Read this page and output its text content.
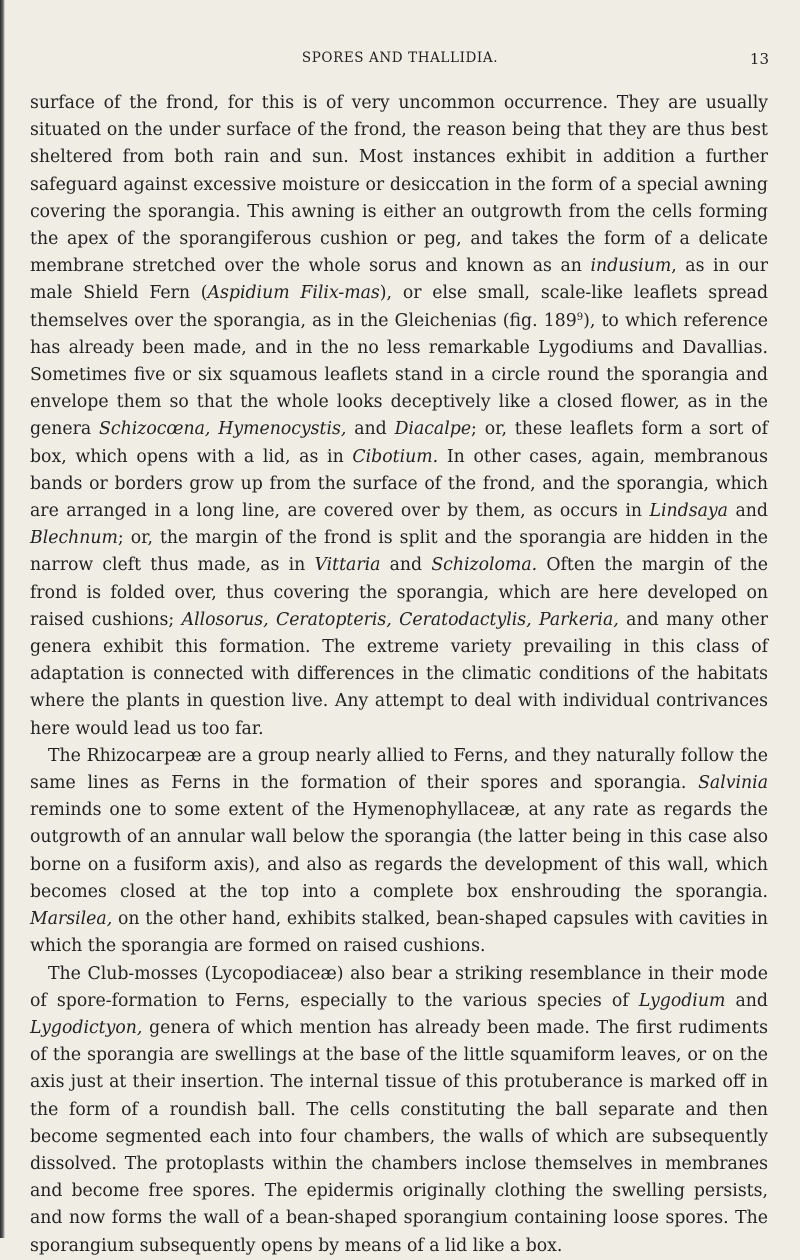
SPORES AND THALLIDIA.	13

surface of the frond, for this is of very uncommon occurrence. They are usually situated on the under surface of the frond, the reason being that they are thus best sheltered from both rain and sun. Most instances exhibit in addition a further safeguard against excessive moisture or desiccation in the form of a special awning covering the sporangia. This awning is either an outgrowth from the cells forming the apex of the sporangiferous cushion or peg, and takes the form of a delicate membrane stretched over the whole sorus and known as an indusium, as in our male Shield Fern (Aspidium Filix-mas), or else small, scale-like leaflets spread themselves over the sporangia, as in the Gleichenias (fig. $189^9$), to which reference has already been made, and in the no less remarkable Lygodiums and Davallias. Sometimes five or six squamous leaflets stand in a circle round the sporangia and envelope them so that the whole looks deceptively like a closed flower, as in the genera Schizocœna, Hymenocystis, and Diacalpe; or, these leaflets form a sort of box, which opens with a lid, as in Cibotium. In other cases, again, membranous bands or borders grow up from the surface of the frond, and the sporangia, which are arranged in a long line, are covered over by them, as occurs in Lindsaya and Blechnum; or, the margin of the frond is split and the sporangia are hidden in the narrow cleft thus made, as in Vittaria and Schizoloma. Often the margin of the frond is folded over, thus covering the sporangia, which are here developed on raised cushions; Allosorus, Ceratopteris, Ceratodactylis, Parkeria, and many other genera exhibit this formation. The extreme variety prevailing in this class of adaptation is connected with differences in the climatic conditions of the habitats where the plants in question live. Any attempt to deal with individual contrivances here would lead us too far.

The Rhizocarpeæ are a group nearly allied to Ferns, and they naturally follow the same lines as Ferns in the formation of their spores and sporangia. Salvinia reminds one to some extent of the Hymenophyllaceæ, at any rate as regards the outgrowth of an annular wall below the sporangia (the latter being in this case also borne on a fusiform axis), and also as regards the development of this wall, which becomes closed at the top into a complete box enshrouding the sporangia. Marsilea, on the other hand, exhibits stalked, bean-shaped capsules with cavities in which the sporangia are formed on raised cushions.

The Club-mosses (Lycopodiaceæ) also bear a striking resemblance in their mode of spore-formation to Ferns, especially to the various species of Lygodium and Lygodictyon, genera of which mention has already been made. The first rudiments of the sporangia are swellings at the base of the little squamiform leaves, or on the axis just at their insertion. The internal tissue of this protuberance is marked off in the form of a roundish ball. The cells constituting the ball separate and then become segmented each into four chambers, the walls of which are subsequently dissolved. The protoplasts within the chambers inclose themselves in membranes and become free spores. The epidermis originally clothing the swelling persists, and now forms the wall of a bean-shaped sporangium containing loose spores. The sporangium subsequently opens by means of a lid like a box.
